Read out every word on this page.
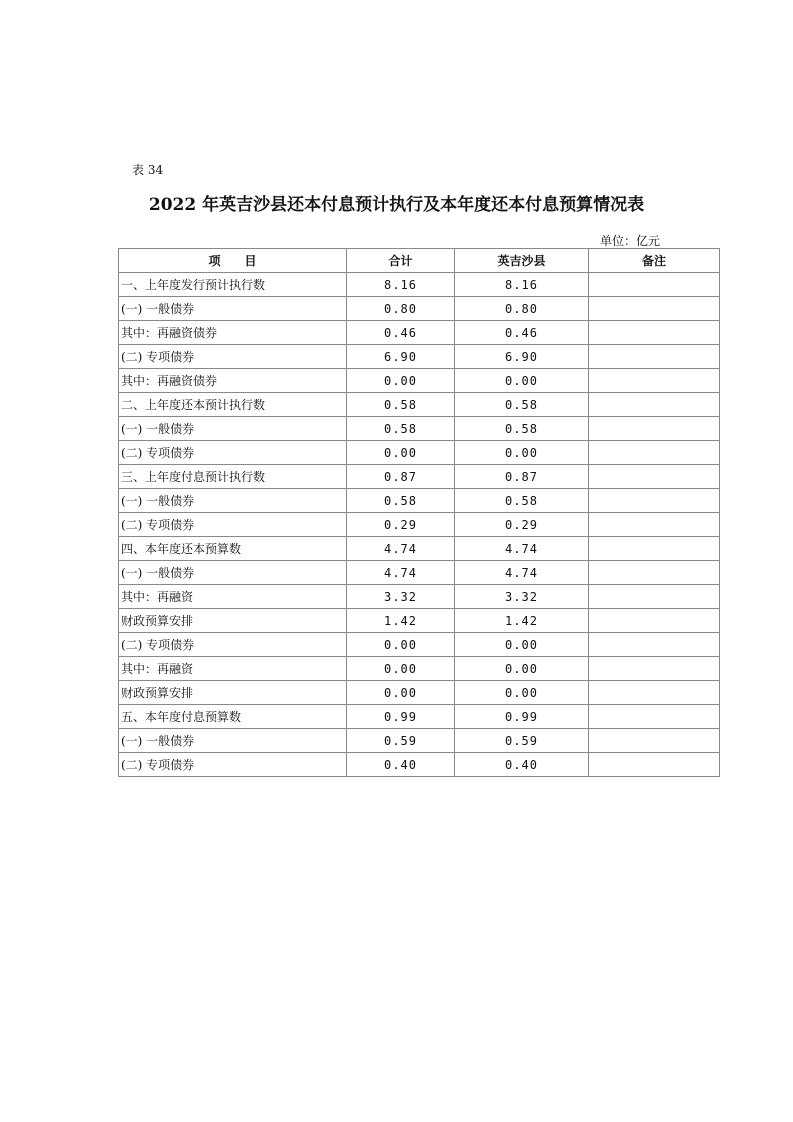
表 34
2022 年英吉沙县还本付息预计执行及本年度还本付息预算情况表
单位：亿元
项　　目	合计	英吉沙县	备注
一、上年度发行预计执行数	8.16	8.16	
(一) 一般债券	0.80	0.80	
其中：再融资债券	0.46	0.46	
(二) 专项债券	6.90	6.90	
其中：再融资债券	0.00	0.00	
二、上年度还本预计执行数	0.58	0.58	
(一) 一般债券	0.58	0.58	
(二) 专项债券	0.00	0.00	
三、上年度付息预计执行数	0.87	0.87	
(一) 一般债券	0.58	0.58	
(二) 专项债券	0.29	0.29	
四、本年度还本预算数	4.74	4.74	
(一) 一般债券	4.74	4.74	
其中：再融资	3.32	3.32	
财政预算安排	1.42	1.42	
(二) 专项债券	0.00	0.00	
其中：再融资	0.00	0.00	
财政预算安排	0.00	0.00	
五、本年度付息预算数	0.99	0.99	
(一) 一般债券	0.59	0.59	
(二) 专项债券	0.40	0.40	
